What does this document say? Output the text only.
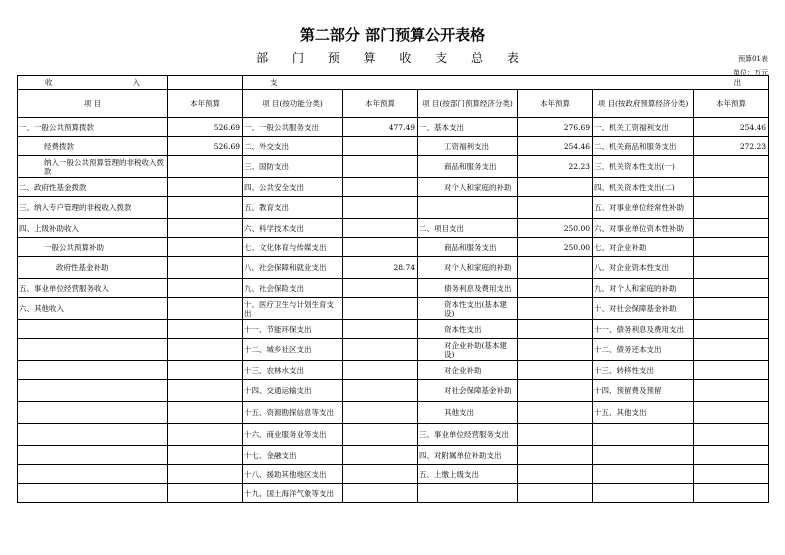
第二部分 部门预算公开表格
部 门 预 算 收 支 总 表	预算01表
单位：万元
收 入		支 出					

项 目	本年预算	项 目(按功能分类)	本年预算	项 目(按部门预算经济分类)	本年预算	项 目(按政府预算经济分类)	本年预算
一、一般公共预算拨款	526.69	一、一般公共服务支出	477.49	一、基本支出	276.69	一、机关工资福利支出	254.46
经费拨款	526.69	二、外交支出		工资福利支出	254.46	二、机关商品和服务支出	272.23
纳入一般公共预算管理的非税收入拨款		三、国防支出		商品和服务支出	22.23	三、机关资本性支出(一)	
二、政府性基金拨款		四、公共安全支出		对个人和家庭的补助		四、机关资本性支出(二)	
三、纳入专户管理的非税收入拨款		五、教育支出				五、对事业单位经常性补助	
四、上级补助收入		六、科学技术支出		二、项目支出	250.00	六、对事业单位资本性补助	
一般公共预算补助		七、文化体育与传媒支出		商品和服务支出	250.00	七、对企业补助	
政府性基金补助		八、社会保障和就业支出	28.74	对个人和家庭的补助		八、对企业资本性支出	
五、事业单位经营服务收入		九、社会保险支出		债务利息及费用支出		九、对个人和家庭的补助	
六、其他收入		十、医疗卫生与计划生育支出		资本性支出(基本建设)		十、对社会保障基金补助	
		十一、节能环保支出		资本性支出		十一、债务利息及费用支出	
		十二、城乡社区支出		对企业补助(基本建设)		十二、债务还本支出	
		十三、农林水支出		对企业补助		十三、转移性支出	
		十四、交通运输支出		对社会保障基金补助		十四、预留费及预留	
		十五、资源勘探信息等支出		其他支出		十五、其他支出	
		十六、商业服务业等支出		三、事业单位经营服务支出			
		十七、金融支出		四、对附属单位补助支出			
		十八、援助其他地区支出		五、上缴上级支出			
		十九、国土海洋气象等支出					
